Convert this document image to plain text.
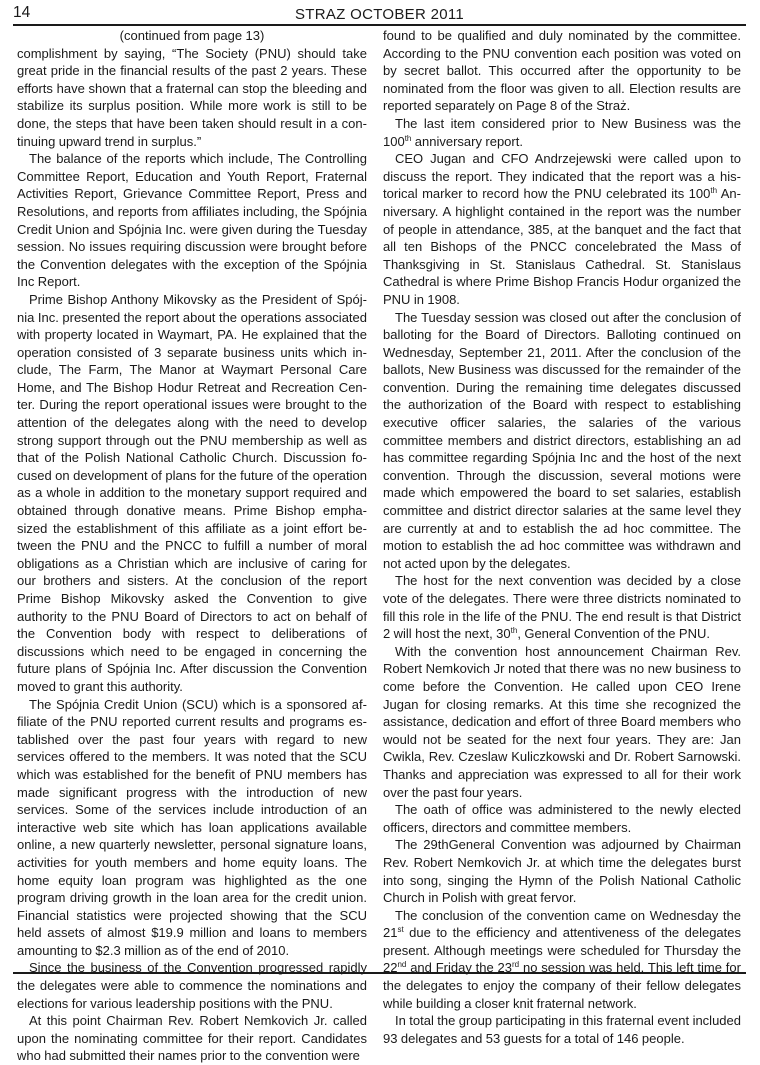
14	STRAZ OCTOBER 2011

(continued from page 13)

complishment by saying, “The Society (PNU) should take great pride in the financial results of the past 2 years. These efforts have shown that a fraternal can stop the bleeding and stabilize its surplus position. While more work is still to be done, the steps that have been taken should result in a continuing upward trend in surplus.”

The balance of the reports which include, The Controlling Committee Report, Education and Youth Report, Fraternal Activities Report, Grievance Committee Report, Press and Resolutions, and reports from affiliates including, the Spójnia Credit Union and Spójnia Inc. were given during the Tuesday session. No issues requiring discussion were brought before the Convention delegates with the exception of the Spójnia Inc Report.

Prime Bishop Anthony Mikovsky as the President of Spójnia Inc. presented the report about the operations associated with property located in Waymart, PA. He explained that the operation consisted of 3 separate business units which include, The Farm, The Manor at Waymart Personal Care Home, and The Bishop Hodur Retreat and Recreation Center. During the report operational issues were brought to the attention of the delegates along with the need to develop strong support through out the PNU membership as well as that of the Polish National Catholic Church. Discussion focused on development of plans for the future of the operation as a whole in addition to the monetary support required and obtained through donative means. Prime Bishop emphasized the establishment of this affiliate as a joint effort between the PNU and the PNCC to fulfill a number of moral obligations as a Christian which are inclusive of caring for our brothers and sisters. At the conclusion of the report Prime Bishop Mikovsky asked the Convention to give authority to the PNU Board of Directors to act on behalf of the Convention body with respect to deliberations of discussions which need to be engaged in concerning the future plans of Spójnia Inc. After discussion the Convention moved to grant this authority.

The Spójnia Credit Union (SCU) which is a sponsored affiliate of the PNU reported current results and programs established over the past four years with regard to new services offered to the members. It was noted that the SCU which was established for the benefit of PNU members has made significant progress with the introduction of new services. Some of the services include introduction of an interactive web site which has loan applications available online, a new quarterly newsletter, personal signature loans, activities for youth members and home equity loans. The home equity loan program was highlighted as the one program driving growth in the loan area for the credit union. Financial statistics were projected showing that the SCU held assets of almost $19.9 million and loans to members amounting to $2.3 million as of the end of 2010.

Since the business of the Convention progressed rapidly the delegates were able to commence the nominations and elections for various leadership positions with the PNU.

At this point Chairman Rev. Robert Nemkovich Jr. called upon the nominating committee for their report. Candidates who had submitted their names prior to the convention were

found to be qualified and duly nominated by the committee. According to the PNU convention each position was voted on by secret ballot. This occurred after the opportunity to be nominated from the floor was given to all. Election results are reported separately on Page 8 of the Straż.

The last item considered prior to New Business was the 100th anniversary report.

CEO Jugan and CFO Andrzejewski were called upon to discuss the report. They indicated that the report was a historical marker to record how the PNU celebrated its 100th Anniversary. A highlight contained in the report was the number of people in attendance, 385, at the banquet and the fact that all ten Bishops of the PNCC concelebrated the Mass of Thanksgiving in St. Stanislaus Cathedral. St. Stanislaus Cathedral is where Prime Bishop Francis Hodur organized the PNU in 1908.

The Tuesday session was closed out after the conclusion of balloting for the Board of Directors. Balloting continued on Wednesday, September 21, 2011. After the conclusion of the ballots, New Business was discussed for the remainder of the convention. During the remaining time delegates discussed the authorization of the Board with respect to establishing executive officer salaries, the salaries of the various committee members and district directors, establishing an ad has committee regarding Spójnia Inc and the host of the next convention. Through the discussion, several motions were made which empowered the board to set salaries, establish committee and district director salaries at the same level they are currently at and to establish the ad hoc committee. The motion to establish the ad hoc committee was withdrawn and not acted upon by the delegates.

The host for the next convention was decided by a close vote of the delegates. There were three districts nominated to fill this role in the life of the PNU. The end result is that District 2 will host the next, 30th, General Convention of the PNU.

With the convention host announcement Chairman Rev. Robert Nemkovich Jr noted that there was no new business to come before the Convention. He called upon CEO Irene Jugan for closing remarks. At this time she recognized the assistance, dedication and effort of three Board members who would not be seated for the next four years. They are: Jan Cwikla, Rev. Czeslaw Kuliczkowski and Dr. Robert Sarnowski. Thanks and appreciation was expressed to all for their work over the past four years.

The oath of office was administered to the newly elected officers, directors and committee members.

The 29thGeneral Convention was adjourned by Chairman Rev. Robert Nemkovich Jr. at which time the delegates burst into song, singing the Hymn of the Polish National Catholic Church in Polish with great fervor.

The conclusion of the convention came on Wednesday the 21st due to the efficiency and attentiveness of the delegates present. Although meetings were scheduled for Thursday the 22nd and Friday the 23rd no session was held. This left time for the delegates to enjoy the company of their fellow delegates while building a closer knit fraternal network.

In total the group participating in this fraternal event included 93 delegates and 53 guests for a total of 146 people.
